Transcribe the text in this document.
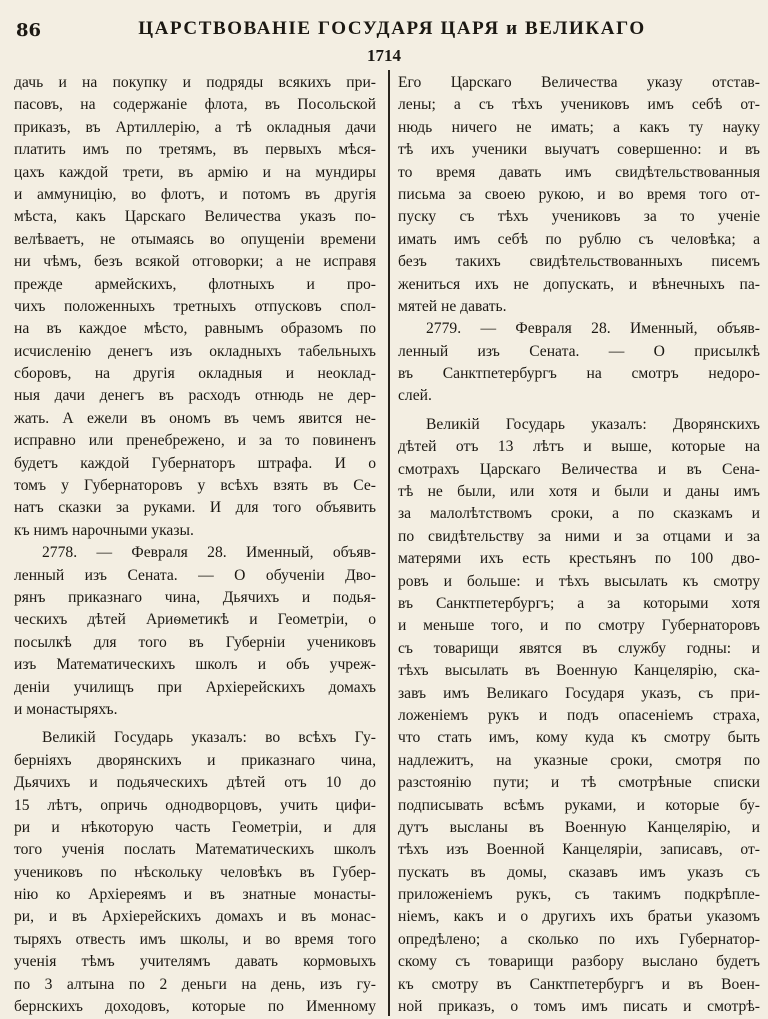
86	ЦАРСТВОВАНІЕ ГОСУДАРЯ ЦАРЯ и ВЕЛИКАГО
1714
дачь и на покупку и подряды всякихъ при-
пасовъ, на содержаніе флота, въ Посольской
приказъ, въ Артиллерію, а тѣ окладныя дачи
платить имъ по третямъ, въ первыхъ мѣся-
цахъ каждой трети, въ армію и на мундиры
и аммуницію, во флотъ, и потомъ въ другія
мѣста, какъ Царскаго Величества указъ по-
велѣваетъ, не отымаясь во опущеніи времени
ни чѣмъ, безъ всякой отговорки; а не исправя
прежде армейскихъ, флотныхъ и про-
чихъ положенныхъ третныхъ отпусковъ спол-
на въ каждое мѣсто, равнымъ образомъ по
исчисленію денегъ изъ окладныхъ табельныхъ
сборовъ, на другія окладныя и неоклад-
ныя дачи денегъ въ расходъ отнюдь не дер-
жать. А ежели въ ономъ въ чемъ явится не-
исправно или пренебрежено, и за то повиненъ
будетъ каждой Губернаторъ штрафа. И о
томъ у Губернаторовъ у всѣхъ взять въ Се-
натъ сказки за руками. И для того объявить
къ нимъ нарочными указы.
2778. — Февраля 28. Именный, объяв-
ленный изъ Сената. — О обученіи Дво-
рянъ приказнаго чина, Дьячихъ и подья-
ческихъ дѣтей Ариѳметикѣ и Геометріи, о
посылкѣ для того въ Губерніи учениковъ
изъ Математическихъ школъ и объ учреж-
деніи училищъ при Архіерейскихъ домахъ
и монастыряхъ.
Великій Государь указалъ: во всѣхъ Гу-
берніяхъ дворянскихъ и приказнаго чина,
Дьячихъ и подьяческихъ дѣтей отъ 10 до
15 лѣтъ, опричь однодворцовъ, учить цифи-
ри и нѣкоторую часть Геометріи, и для
того ученія послать Математическихъ школъ
учениковъ по нѣскольку человѣкъ въ Губер-
нію ко Архіереямъ и въ знатные монасты-
ри, и въ Архіерейскихъ домахъ и въ монас-
тыряхъ отвесть имъ школы, и во время того
ученія тѣмъ учителямъ давать кормовыхъ
по 3 алтына по 2 деньги на день, изъ гу-
бернскихъ доходовъ, которые по Именному
Его Царскаго Величества указу отстав-
лены; а съ тѣхъ учениковъ имъ себѣ от-
нюдь ничего не имать; а какъ ту науку
тѣ ихъ ученики выучатъ совершенно: и въ
то время давать имъ свидѣтельствованныя
письма за своею рукою, и во время того от-
пуску съ тѣхъ учениковъ за то ученіе
имать имъ себѣ по рублю съ человѣка; а
безъ такихъ свидѣтельствованныхъ писемъ
жениться ихъ не допускать, и вѣнечныхъ па-
мятей не давать.
2779. — Февраля 28. Именный, объяв-
ленный изъ Сената. — О присылкѣ
въ Санктпетербургъ на смотръ недоро-
слей.
Великій Государь указалъ: Дворянскихъ
дѣтей отъ 13 лѣтъ и выше, которые на
смотрахъ Царскаго Величества и въ Сена-
тѣ не были, или хотя и были и даны имъ
за малолѣтствомъ сроки, а по сказкамъ и
по свидѣтельству за ними и за отцами и за
матерями ихъ есть крестьянъ по 100 дво-
ровъ и больше: и тѣхъ высылать къ смотру
въ Санктпетербургъ; а за которыми хотя
и меньше того, и по смотру Губернаторовъ
съ товарищи явятся въ службу годны: и
тѣхъ высылать въ Военную Канцелярію, ска-
завъ имъ Великаго Государя указъ, съ при-
ложеніемъ рукъ и подъ опасеніемъ страха,
что стать имъ, кому куда къ смотру быть
надлежитъ, на указные сроки, смотря по
разстоянію пути; и тѣ смотрѣные списки
подписывать всѣмъ руками, и которые бу-
дутъ высланы въ Военную Канцелярію, и
тѣхъ изъ Военной Канцеляріи, записавъ, от-
пускать въ домы, сказавъ имъ указъ съ
приложеніемъ рукъ, съ такимъ подкрѣпле-
ніемъ, какъ и о другихъ ихъ братьи указомъ
опредѣлено; а сколько по ихъ Губернатор-
скому съ товарищи разбору выслано будетъ
къ смотру въ Санктпетербургъ и въ Воен-
ной приказъ, о томъ имъ писать и смотрѣ-
